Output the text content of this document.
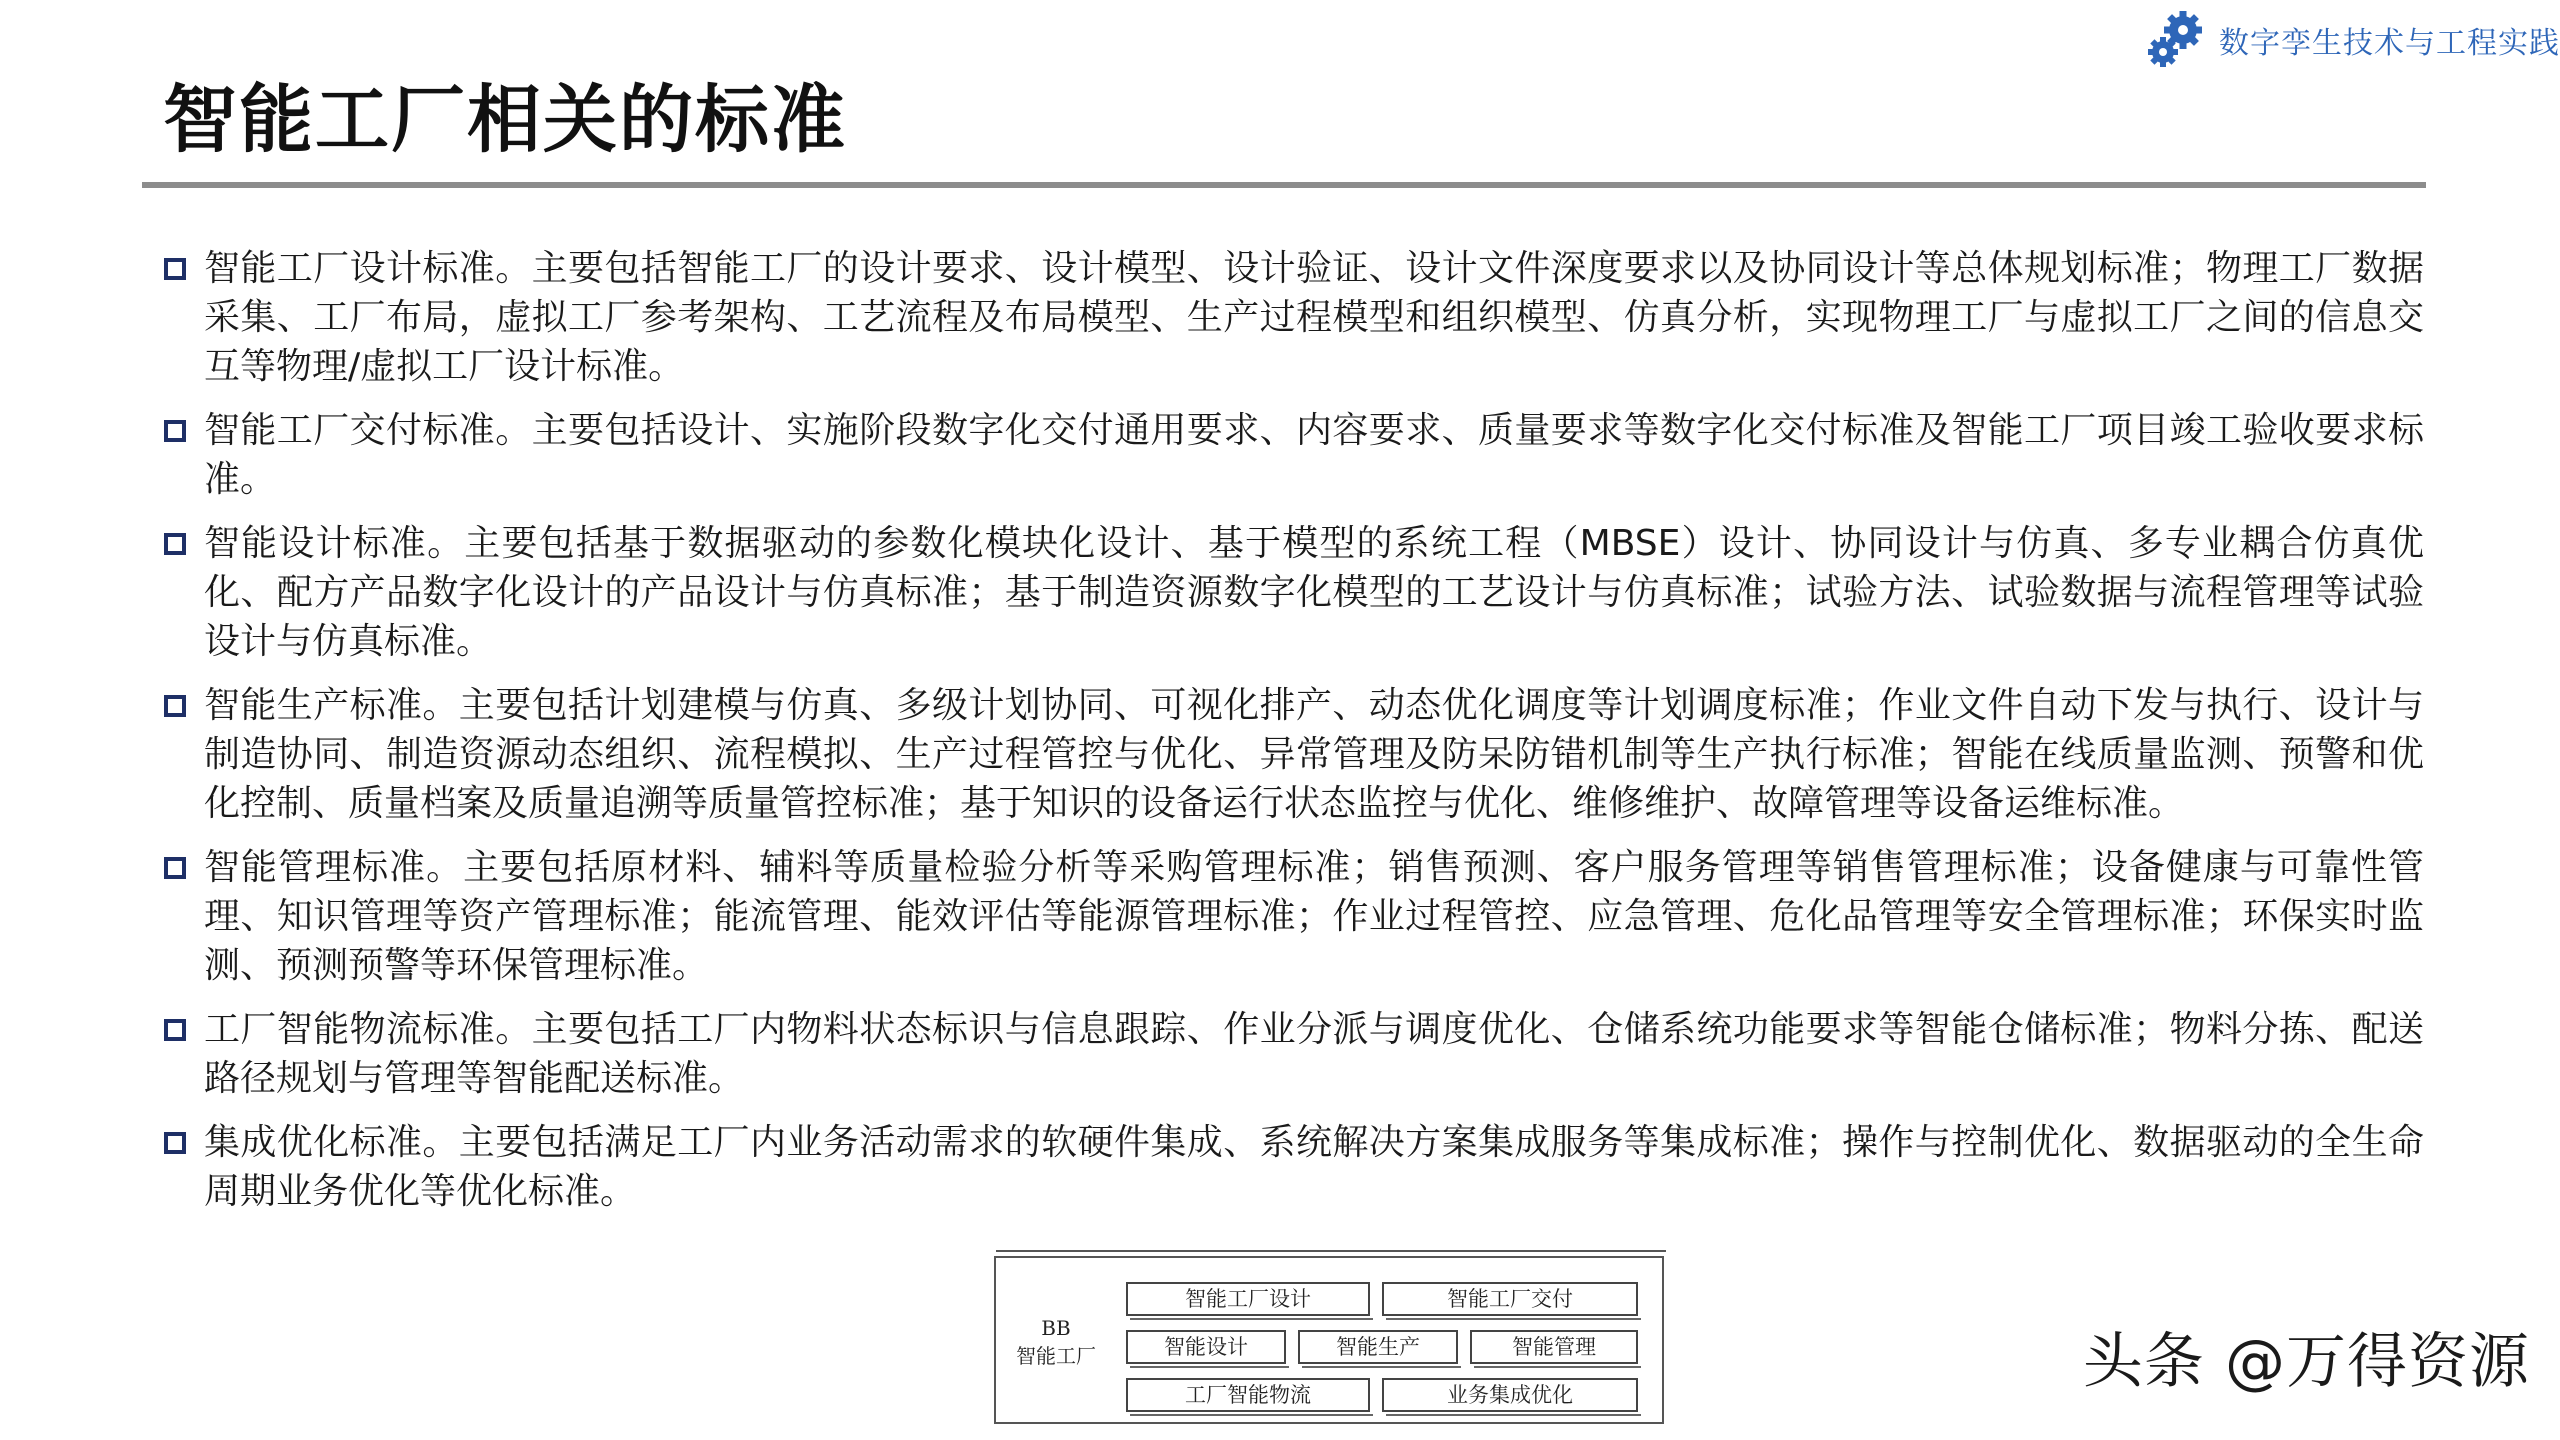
数字孪生技术与工程实践
智能工厂相关的标准
智能工厂设计标准。主要包括智能工厂的设计要求、设计模型、设计验证、设计文件深度要求以及协同设计等总体规划标准；物理工厂数据采集、工厂布局，虚拟工厂参考架构、工艺流程及布局模型、生产过程模型和组织模型、仿真分析，实现物理工厂与虚拟工厂之间的信息交互等物理/虚拟工厂设计标准。
智能工厂交付标准。主要包括设计、实施阶段数字化交付通用要求、内容要求、质量要求等数字化交付标准及智能工厂项目竣工验收要求标准。
智能设计标准。主要包括基于数据驱动的参数化模块化设计、基于模型的系统工程（MBSE）设计、协同设计与仿真、多专业耦合仿真优化、配方产品数字化设计的产品设计与仿真标准；基于制造资源数字化模型的工艺设计与仿真标准；试验方法、试验数据与流程管理等试验设计与仿真标准。
智能生产标准。主要包括计划建模与仿真、多级计划协同、可视化排产、动态优化调度等计划调度标准；作业文件自动下发与执行、设计与制造协同、制造资源动态组织、流程模拟、生产过程管控与优化、异常管理及防呆防错机制等生产执行标准；智能在线质量监测、预警和优化控制、质量档案及质量追溯等质量管控标准；基于知识的设备运行状态监控与优化、维修维护、故障管理等设备运维标准。
智能管理标准。主要包括原材料、辅料等质量检验分析等采购管理标准；销售预测、客户服务管理等销售管理标准；设备健康与可靠性管理、知识管理等资产管理标准；能流管理、能效评估等能源管理标准；作业过程管控、应急管理、危化品管理等安全管理标准；环保实时监测、预测预警等环保管理标准。
工厂智能物流标准。主要包括工厂内物料状态标识与信息跟踪、作业分派与调度优化、仓储系统功能要求等智能仓储标准；物料分拣、配送路径规划与管理等智能配送标准。
集成优化标准。主要包括满足工厂内业务活动需求的软硬件集成、系统解决方案集成服务等集成标准；操作与控制优化、数据驱动的全生命周期业务优化等优化标准。
BB
智能工厂
智能工厂设计	智能工厂交付
智能设计	智能生产	智能管理
工厂智能物流	业务集成优化	头条 @万得资源
